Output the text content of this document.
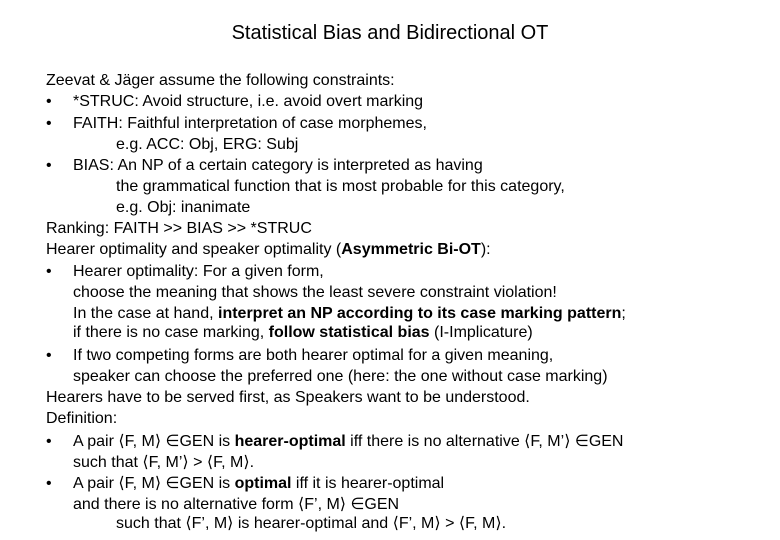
Statistical Bias and Bidirectional OT
Zeevat & Jäger assume the following constraints:
• *STRUC: Avoid structure, i.e. avoid overt marking
• FAITH: Faithful interpretation of case morphemes,
e.g. ACC: Obj, ERG: Subj
• BIAS: An NP of a certain category is interpreted as having
the grammatical function that is most probable for this category,
e.g. Obj: inanimate
Ranking: FAITH >> BIAS >> *STRUC
Hearer optimality and speaker optimality (Asymmetric Bi-OT):
• Hearer optimality: For a given form,
choose the meaning that shows the least severe constraint violation!
In the case at hand, interpret an NP according to its case marking pattern;
if there is no case marking, follow statistical bias (I-Implicature)
• If two competing forms are both hearer optimal for a given meaning,
speaker can choose the preferred one (here: the one without case marking)
Hearers have to be served first, as Speakers want to be understood.
Definition:
• A pair ⟨F, M⟩ ∈GEN is hearer-optimal iff there is no alternative ⟨F, M’⟩ ∈GEN
such that ⟨F, M’⟩ > ⟨F, M⟩.
• A pair ⟨F, M⟩ ∈GEN is optimal iff it is hearer-optimal
and there is no alternative form ⟨F’, M⟩ ∈GEN
such that ⟨F’, M⟩ is hearer-optimal and ⟨F’, M⟩ > ⟨F, M⟩.
